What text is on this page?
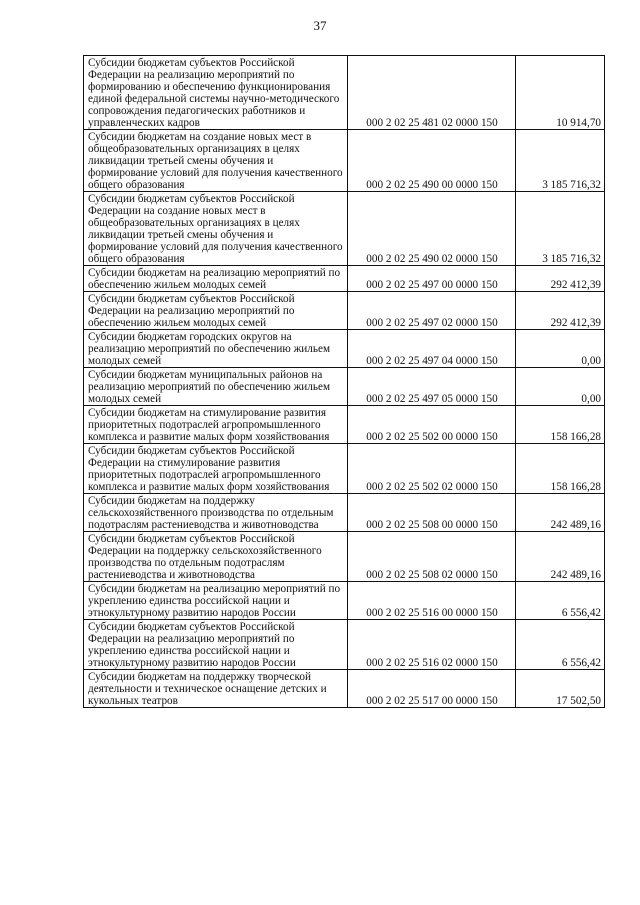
37
Субсидии бюджетам субъектов Российской Федерации на реализацию мероприятий по формированию и обеспечению функционирования единой федеральной системы научно-методического сопровождения педагогических работников и управленческих кадров	000 2 02 25 481 02 0000 150	10 914,70
Субсидии бюджетам на создание новых мест в общеобразовательных организациях в целях ликвидации третьей смены обучения и формирование условий для получения качественного общего образования	000 2 02 25 490 00 0000 150	3 185 716,32
Субсидии бюджетам субъектов Российской Федерации на создание новых мест в общеобразовательных организациях в целях ликвидации третьей смены обучения и формирование условий для получения качественного общего образования	000 2 02 25 490 02 0000 150	3 185 716,32
Субсидии бюджетам на реализацию мероприятий по обеспечению жильем молодых семей	000 2 02 25 497 00 0000 150	292 412,39
Субсидии бюджетам субъектов Российской Федерации на реализацию мероприятий по обеспечению жильем молодых семей	000 2 02 25 497 02 0000 150	292 412,39
Субсидии бюджетам городских округов на реализацию мероприятий по обеспечению жильем молодых семей	000 2 02 25 497 04 0000 150	0,00
Субсидии бюджетам муниципальных районов на реализацию мероприятий по обеспечению жильем молодых семей	000 2 02 25 497 05 0000 150	0,00
Субсидии бюджетам на стимулирование развития приоритетных подотраслей агропромышленного комплекса и развитие малых форм хозяйствования	000 2 02 25 502 00 0000 150	158 166,28
Субсидии бюджетам субъектов Российской Федерации на стимулирование развития приоритетных подотраслей агропромышленного комплекса и развитие малых форм хозяйствования	000 2 02 25 502 02 0000 150	158 166,28
Субсидии бюджетам на поддержку сельскохозяйственного производства по отдельным подотраслям растениеводства и животноводства	000 2 02 25 508 00 0000 150	242 489,16
Субсидии бюджетам субъектов Российской Федерации на поддержку сельскохозяйственного производства по отдельным подотраслям растениеводства и животноводства	000 2 02 25 508 02 0000 150	242 489,16
Субсидии бюджетам на реализацию мероприятий по укреплению единства российской нации и этнокультурному развитию народов России	000 2 02 25 516 00 0000 150	6 556,42
Субсидии бюджетам субъектов Российской Федерации на реализацию мероприятий по укреплению единства российской нации и этнокультурному развитию народов России	000 2 02 25 516 02 0000 150	6 556,42
Субсидии бюджетам на поддержку творческой деятельности и техническое оснащение детских и кукольных театров	000 2 02 25 517 00 0000 150	17 502,50
